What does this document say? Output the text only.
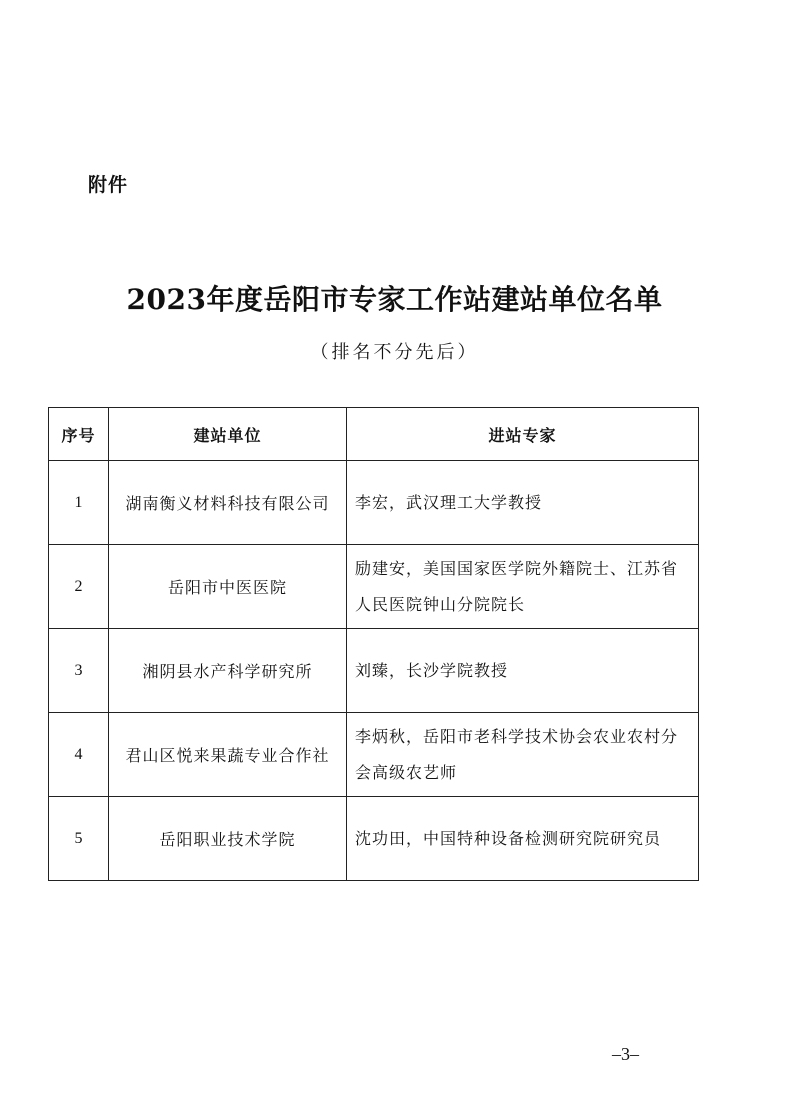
附件
2023年度岳阳市专家工作站建站单位名单
（排名不分先后）
序号	建站单位	进站专家
1	湖南衡义材料科技有限公司	李宏，武汉理工大学教授
2	岳阳市中医医院	励建安，美国国家医学院外籍院士、江苏省人民医院钟山分院院长
3	湘阴县水产科学研究所	刘臻，长沙学院教授
4	君山区悦来果蔬专业合作社	李炳秋，岳阳市老科学技术协会农业农村分会高级农艺师
5	岳阳职业技术学院	沈功田，中国特种设备检测研究院研究员
–3–
